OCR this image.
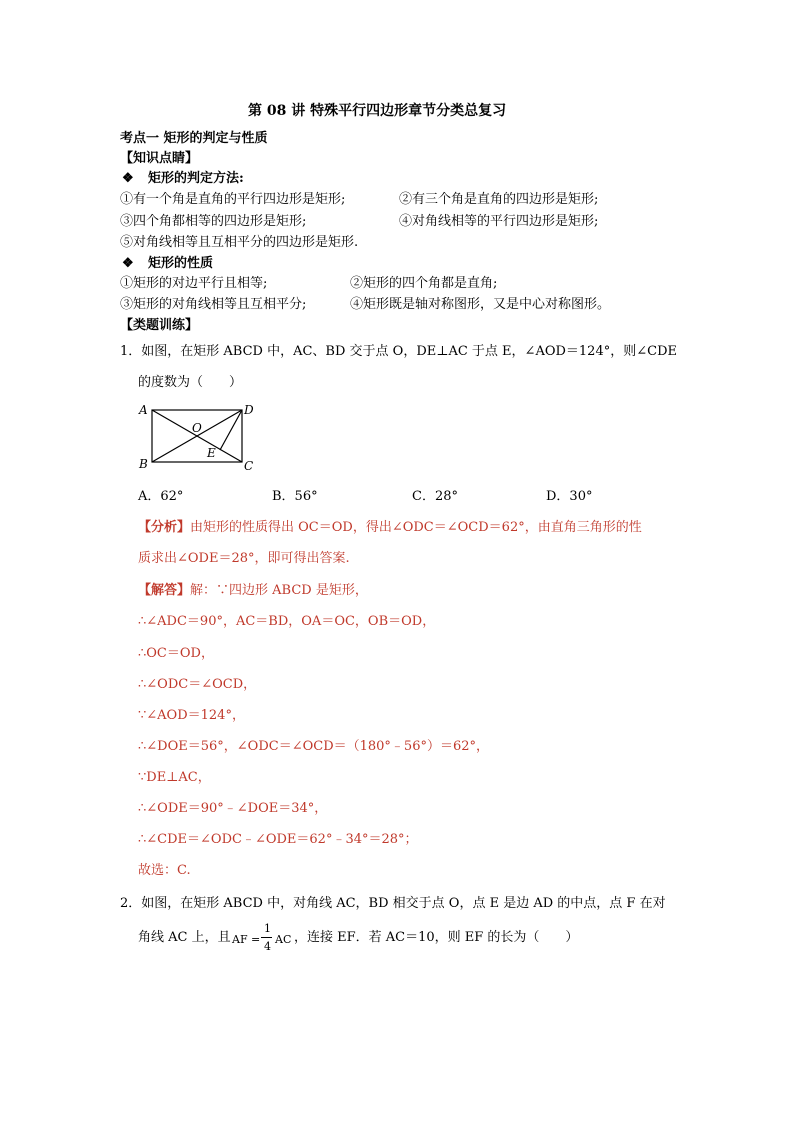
第 08 讲 特殊平行四边形章节分类总复习
考点一 矩形的判定与性质
【知识点睛】
❖ 矩形的判定方法:
①有一个角是直角的平行四边形是矩形;	②有三个角是直角的四边形是矩形;
③四个角都相等的四边形是矩形;	④对角线相等的平行四边形是矩形;
⑤对角线相等且互相平分的四边形是矩形.
❖ 矩形的性质
①矩形的对边平行且相等;	②矩形的四个角都是直角;
③矩形的对角线相等且互相平分;	④矩形既是轴对称图形，又是中心对称图形。
【类题训练】
1．如图，在矩形 ABCD 中，AC、BD 交于点 O，DE⊥AC 于点 E，∠AOD＝124°，则∠CDE
的度数为（　　）
A	D
O
E
B	C
A．62°	B．56°	C．28°	D．30°
【分析】由矩形的性质得出 OC＝OD，得出∠ODC＝∠OCD＝62°，由直角三角形的性
质求出∠ODE＝28°，即可得出答案.
【解答】解：∵四边形 ABCD 是矩形，
∴∠ADC＝90°，AC＝BD，OA＝OC，OB＝OD，
∴OC＝OD，
∴∠ODC＝∠OCD，
∵∠AOD＝124°，
∴∠DOE＝56°，∠ODC＝∠OCD＝（180°﹣56°）＝62°，
∵DE⊥AC，
∴∠ODE＝90°﹣∠DOE＝34°，
∴∠CDE＝∠ODC﹣∠ODE＝62°﹣34°＝28°；
故选：C.
2．如图，在矩形 ABCD 中，对角线 AC，BD 相交于点 O，点 E 是边 AD 的中点，点 F 在对
角线 AC 上，且 AF =
1
4
AC ，连接 EF．若 AC＝10，则 EF 的长为（　　）
